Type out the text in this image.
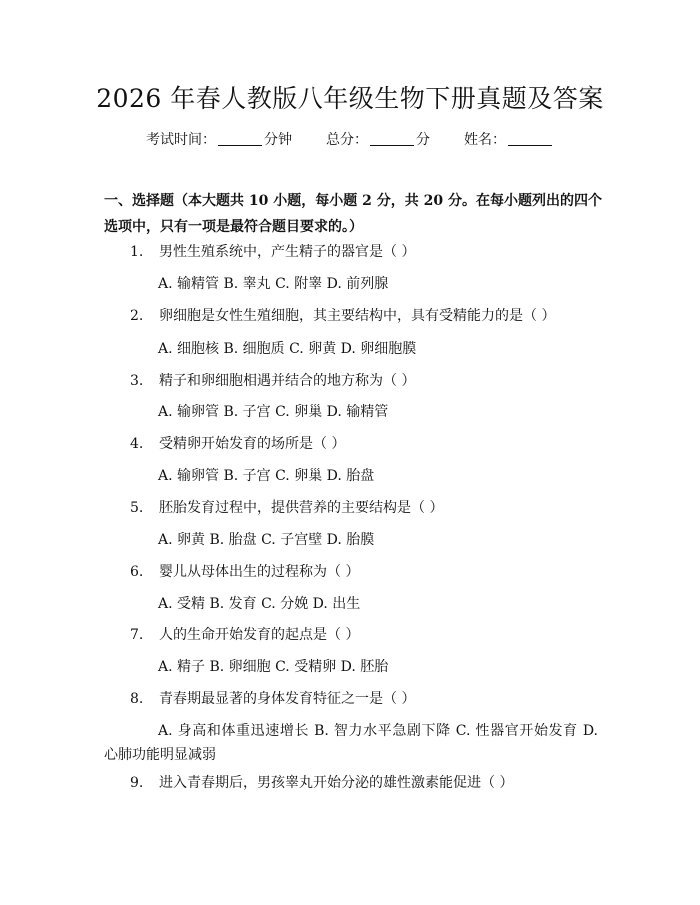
2026 年春人教版八年级生物下册真题及答案
考试时间：	分钟 总分：	分 姓名：
一、选择题（本大题共 10 小题，每小题 2 分，共 20 分。在每小题列出的四个选项中，只有一项是最符合题目要求的。）
1. 男性生殖系统中，产生精子的器官是（ ）
A. 输精管 B. 睾丸 C. 附睾 D. 前列腺
2. 卵细胞是女性生殖细胞，其主要结构中，具有受精能力的是（ ）
A. 细胞核 B. 细胞质 C. 卵黄 D. 卵细胞膜
3. 精子和卵细胞相遇并结合的地方称为（ ）
A. 输卵管 B. 子宫 C. 卵巢 D. 输精管
4. 受精卵开始发育的场所是（ ）
A. 输卵管 B. 子宫 C. 卵巢 D. 胎盘
5. 胚胎发育过程中，提供营养的主要结构是（ ）
A. 卵黄 B. 胎盘 C. 子宫壁 D. 胎膜
6. 婴儿从母体出生的过程称为（ ）
A. 受精 B. 发育 C. 分娩 D. 出生
7. 人的生命开始发育的起点是（ ）
A. 精子 B. 卵细胞 C. 受精卵 D. 胚胎
8. 青春期最显著的身体发育特征之一是（ ）
A. 身高和体重迅速增长 B. 智力水平急剧下降 C. 性器官开始发育 D. 心肺功能明显减弱
9. 进入青春期后，男孩睾丸开始分泌的雄性激素能促进（ ）
